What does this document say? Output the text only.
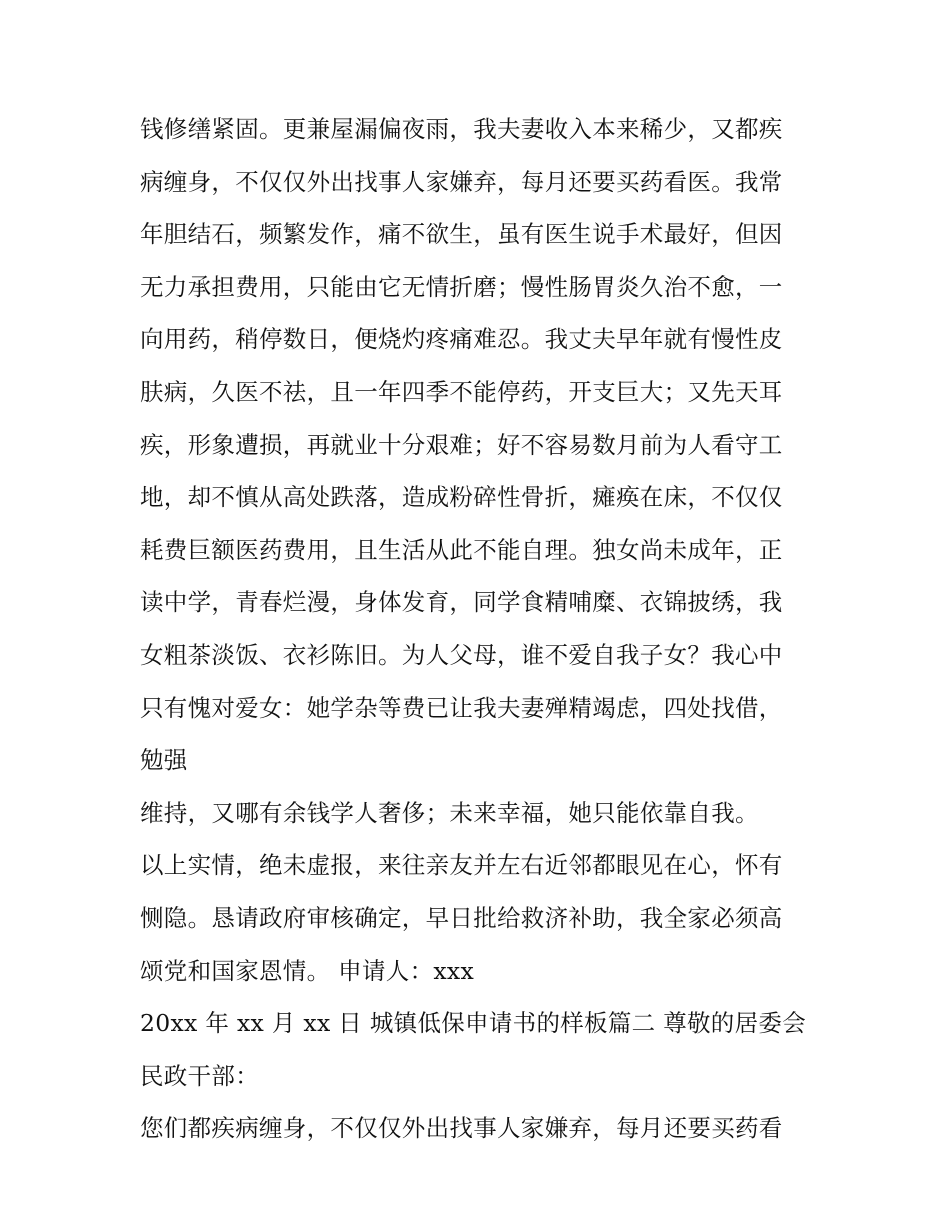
钱修缮紧固。更兼屋漏偏夜雨，我夫妻收入本来稀少，又都疾
病缠身，不仅仅外出找事人家嫌弃，每月还要买药看医。我常
年胆结石，频繁发作，痛不欲生，虽有医生说手术最好，但因
无力承担费用，只能由它无情折磨；慢性肠胃炎久治不愈，一
向用药，稍停数日，便烧灼疼痛难忍。我丈夫早年就有慢性皮
肤病，久医不祛，且一年四季不能停药，开支巨大；又先天耳
疾，形象遭损，再就业十分艰难；好不容易数月前为人看守工
地，却不慎从高处跌落，造成粉碎性骨折，瘫痪在床，不仅仅
耗费巨额医药费用，且生活从此不能自理。独女尚未成年，正
读中学，青春烂漫，身体发育，同学食精哺糜、衣锦披绣，我
女粗茶淡饭、衣衫陈旧。为人父母，谁不爱自我子女？我心中
只有愧对爱女：她学杂等费已让我夫妻殚精竭虑，四处找借，
勉强
维持，又哪有余钱学人奢侈；未来幸福，她只能依靠自我。
以上实情，绝未虚报，来往亲友并左右近邻都眼见在心，怀有
恻隐。恳请政府审核确定，早日批给救济补助，我全家必须高
颂党和国家恩情。 申请人：xxx
20xx 年 xx 月 xx 日 城镇低保申请书的样板篇二 尊敬的居委会
民政干部：
您们都疾病缠身，不仅仅外出找事人家嫌弃，每月还要买药看
